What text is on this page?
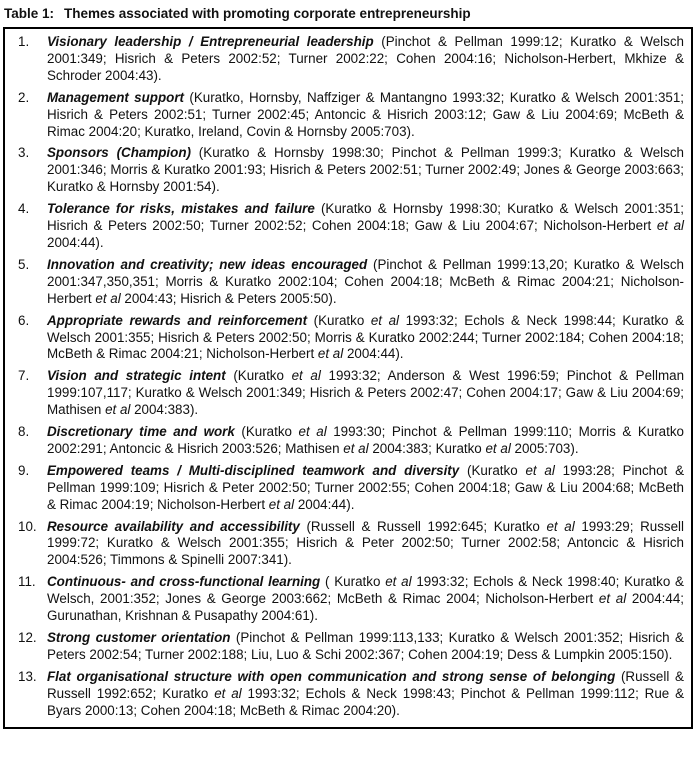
Table 1: Themes associated with promoting corporate entrepreneurship
1. Visionary leadership / Entrepreneurial leadership (Pinchot & Pellman 1999:12; Kuratko & Welsch 2001:349; Hisrich & Peters 2002:52; Turner 2002:22; Cohen 2004:16; Nicholson-Herbert, Mkhize & Schroder 2004:43).
2. Management support (Kuratko, Hornsby, Naffziger & Mantangno 1993:32; Kuratko & Welsch 2001:351; Hisrich & Peters 2002:51; Turner 2002:45; Antoncic & Hisrich 2003:12; Gaw & Liu 2004:69; McBeth & Rimac 2004:20; Kuratko, Ireland, Covin & Hornsby 2005:703).
3. Sponsors (Champion) (Kuratko & Hornsby 1998:30; Pinchot & Pellman 1999:3; Kuratko & Welsch 2001:346; Morris & Kuratko 2001:93; Hisrich & Peters 2002:51; Turner 2002:49; Jones & George 2003:663; Kuratko & Hornsby 2001:54).
4. Tolerance for risks, mistakes and failure (Kuratko & Hornsby 1998:30; Kuratko & Welsch 2001:351; Hisrich & Peters 2002:50; Turner 2002:52; Cohen 2004:18; Gaw & Liu 2004:67; Nicholson-Herbert et al 2004:44).
5. Innovation and creativity; new ideas encouraged (Pinchot & Pellman 1999:13,20; Kuratko & Welsch 2001:347,350,351; Morris & Kuratko 2002:104; Cohen 2004:18; McBeth & Rimac 2004:21; Nicholson-Herbert et al 2004:43; Hisrich & Peters 2005:50).
6. Appropriate rewards and reinforcement (Kuratko et al 1993:32; Echols & Neck 1998:44; Kuratko & Welsch 2001:355; Hisrich & Peters 2002:50; Morris & Kuratko 2002:244; Turner 2002:184; Cohen 2004:18; McBeth & Rimac 2004:21; Nicholson-Herbert et al 2004:44).
7. Vision and strategic intent (Kuratko et al 1993:32; Anderson & West 1996:59; Pinchot & Pellman 1999:107,117; Kuratko & Welsch 2001:349; Hisrich & Peters 2002:47; Cohen 2004:17; Gaw & Liu 2004:69; Mathisen et al 2004:383).
8. Discretionary time and work (Kuratko et al 1993:30; Pinchot & Pellman 1999:110; Morris & Kuratko 2002:291; Antoncic & Hisrich 2003:526; Mathisen et al 2004:383; Kuratko et al 2005:703).
9. Empowered teams / Multi-disciplined teamwork and diversity (Kuratko et al 1993:28; Pinchot & Pellman 1999:109; Hisrich & Peter 2002:50; Turner 2002:55; Cohen 2004:18; Gaw & Liu 2004:68; McBeth & Rimac 2004:19; Nicholson-Herbert et al 2004:44).
10. Resource availability and accessibility (Russell & Russell 1992:645; Kuratko et al 1993:29; Russell 1999:72; Kuratko & Welsch 2001:355; Hisrich & Peter 2002:50; Turner 2002:58; Antoncic & Hisrich 2004:526; Timmons & Spinelli 2007:341).
11. Continuous- and cross-functional learning ( Kuratko et al 1993:32; Echols & Neck 1998:40; Kuratko & Welsch, 2001:352; Jones & George 2003:662; McBeth & Rimac 2004; Nicholson-Herbert et al 2004:44; Gurunathan, Krishnan & Pusapathy 2004:61).
12. Strong customer orientation (Pinchot & Pellman 1999:113,133; Kuratko & Welsch 2001:352; Hisrich & Peters 2002:54; Turner 2002:188; Liu, Luo & Schi 2002:367; Cohen 2004:19; Dess & Lumpkin 2005:150).
13. Flat organisational structure with open communication and strong sense of belonging (Russell & Russell 1992:652; Kuratko et al 1993:32; Echols & Neck 1998:43; Pinchot & Pellman 1999:112; Rue & Byars 2000:13; Cohen 2004:18; McBeth & Rimac 2004:20).
